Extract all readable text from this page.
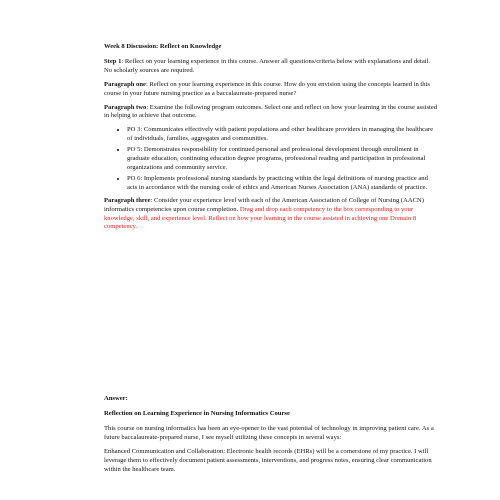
Week 8 Discussion: Reflect on Knowledge

Step 1: Reflect on your learning experience in this course. Answer all questions/criteria below with explanations and detail. No scholarly sources are required.

Paragraph one: Reflect on your learning experience in this course. How do you envision using the concepts learned in this course in your future nursing practice as a baccalaureate-prepared nurse?

Paragraph two: Examine the following program outcomes. Select one and reflect on how your learning in the course assisted in helping to achieve that outcome.

• PO 3: Communicates effectively with patient populations and other healthcare providers in managing the healthcare of individuals, families, aggregates and communities.
• PO 5: Demonstrates responsibility for continued personal and professional development through enrollment in graduate education, continuing education degree programs, professional reading and participation in professional organizations and community service.
• PO 6: Implements professional nursing standards by practicing within the legal definitions of nursing practice and acts in accordance with the nursing code of ethics and American Nurses Association (ANA) standards of practice.

Paragraph three: Consider your experience level with each of the American Association of College of Nursing (AACN) informatics competencies upon course completion. Drag and drop each competency to the box corresponding to your knowledge, skill, and experience level. Reflect on how your learning in the course assisted in achieving one Domain 8 competency.

Answer:
Reflection on Learning Experience in Nursing Informatics Course

This course on nursing informatics has been an eye-opener to the vast potential of technology in improving patient care. As a future baccalaureate-prepared nurse, I see myself utilizing these concepts in several ways:

Enhanced Communication and Collaboration: Electronic health records (EHRs) will be a cornerstone of my practice. I will leverage them to effectively document patient assessments, interventions, and progress notes, ensuring clear communication within the healthcare team.
